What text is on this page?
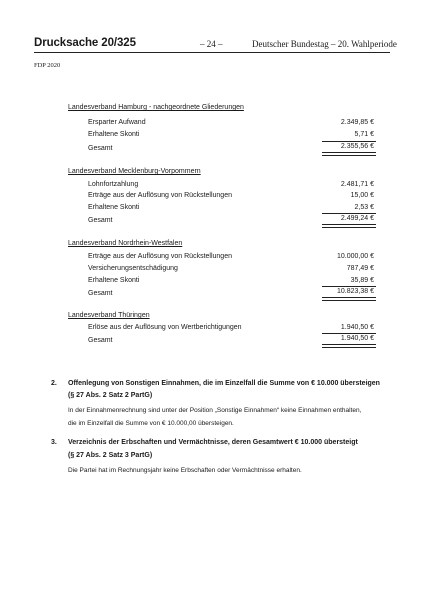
Drucksache 20/325	– 24 –	Deutscher Bundestag – 20. Wahlperiode
FDP 2020
Landesverband Hamburg - nachgeordnete Gliederungen
Ersparter Aufwand	2.349,85 €
Erhaltene Skonti	5,71 €
Gesamt	2.355,56 €
Landesverband Mecklenburg-Vorpommern
Lohnfortzahlung	2.481,71 €
Erträge aus der Auflösung von Rückstellungen	15,00 €
Erhaltene Skonti	2,53 €
Gesamt	2.499,24 €
Landesverband Nordrhein-Westfalen
Erträge aus der Auflösung von Rückstellungen	10.000,00 €
Versicherungsentschädigung	787,49 €
Erhaltene Skonti	35,89 €
Gesamt	10.823,38 €
Landesverband Thüringen
Erlöse aus der Auflösung von Wertberichtigungen	1.940,50 €
Gesamt	1.940,50 €
2. Offenlegung von Sonstigen Einnahmen, die im Einzelfall die Summe von € 10.000 übersteigen
(§ 27 Abs. 2 Satz 2 PartG)
In der Einnahmenrechnung sind unter der Position „Sonstige Einnahmen“ keine Einnahmen enthalten,
die im Einzelfall die Summe von € 10.000,00 übersteigen.
3. Verzeichnis der Erbschaften und Vermächtnisse, deren Gesamtwert € 10.000 übersteigt
(§ 27 Abs. 2 Satz 3 PartG)
Die Partei hat im Rechnungsjahr keine Erbschaften oder Vermächtnisse erhalten.
